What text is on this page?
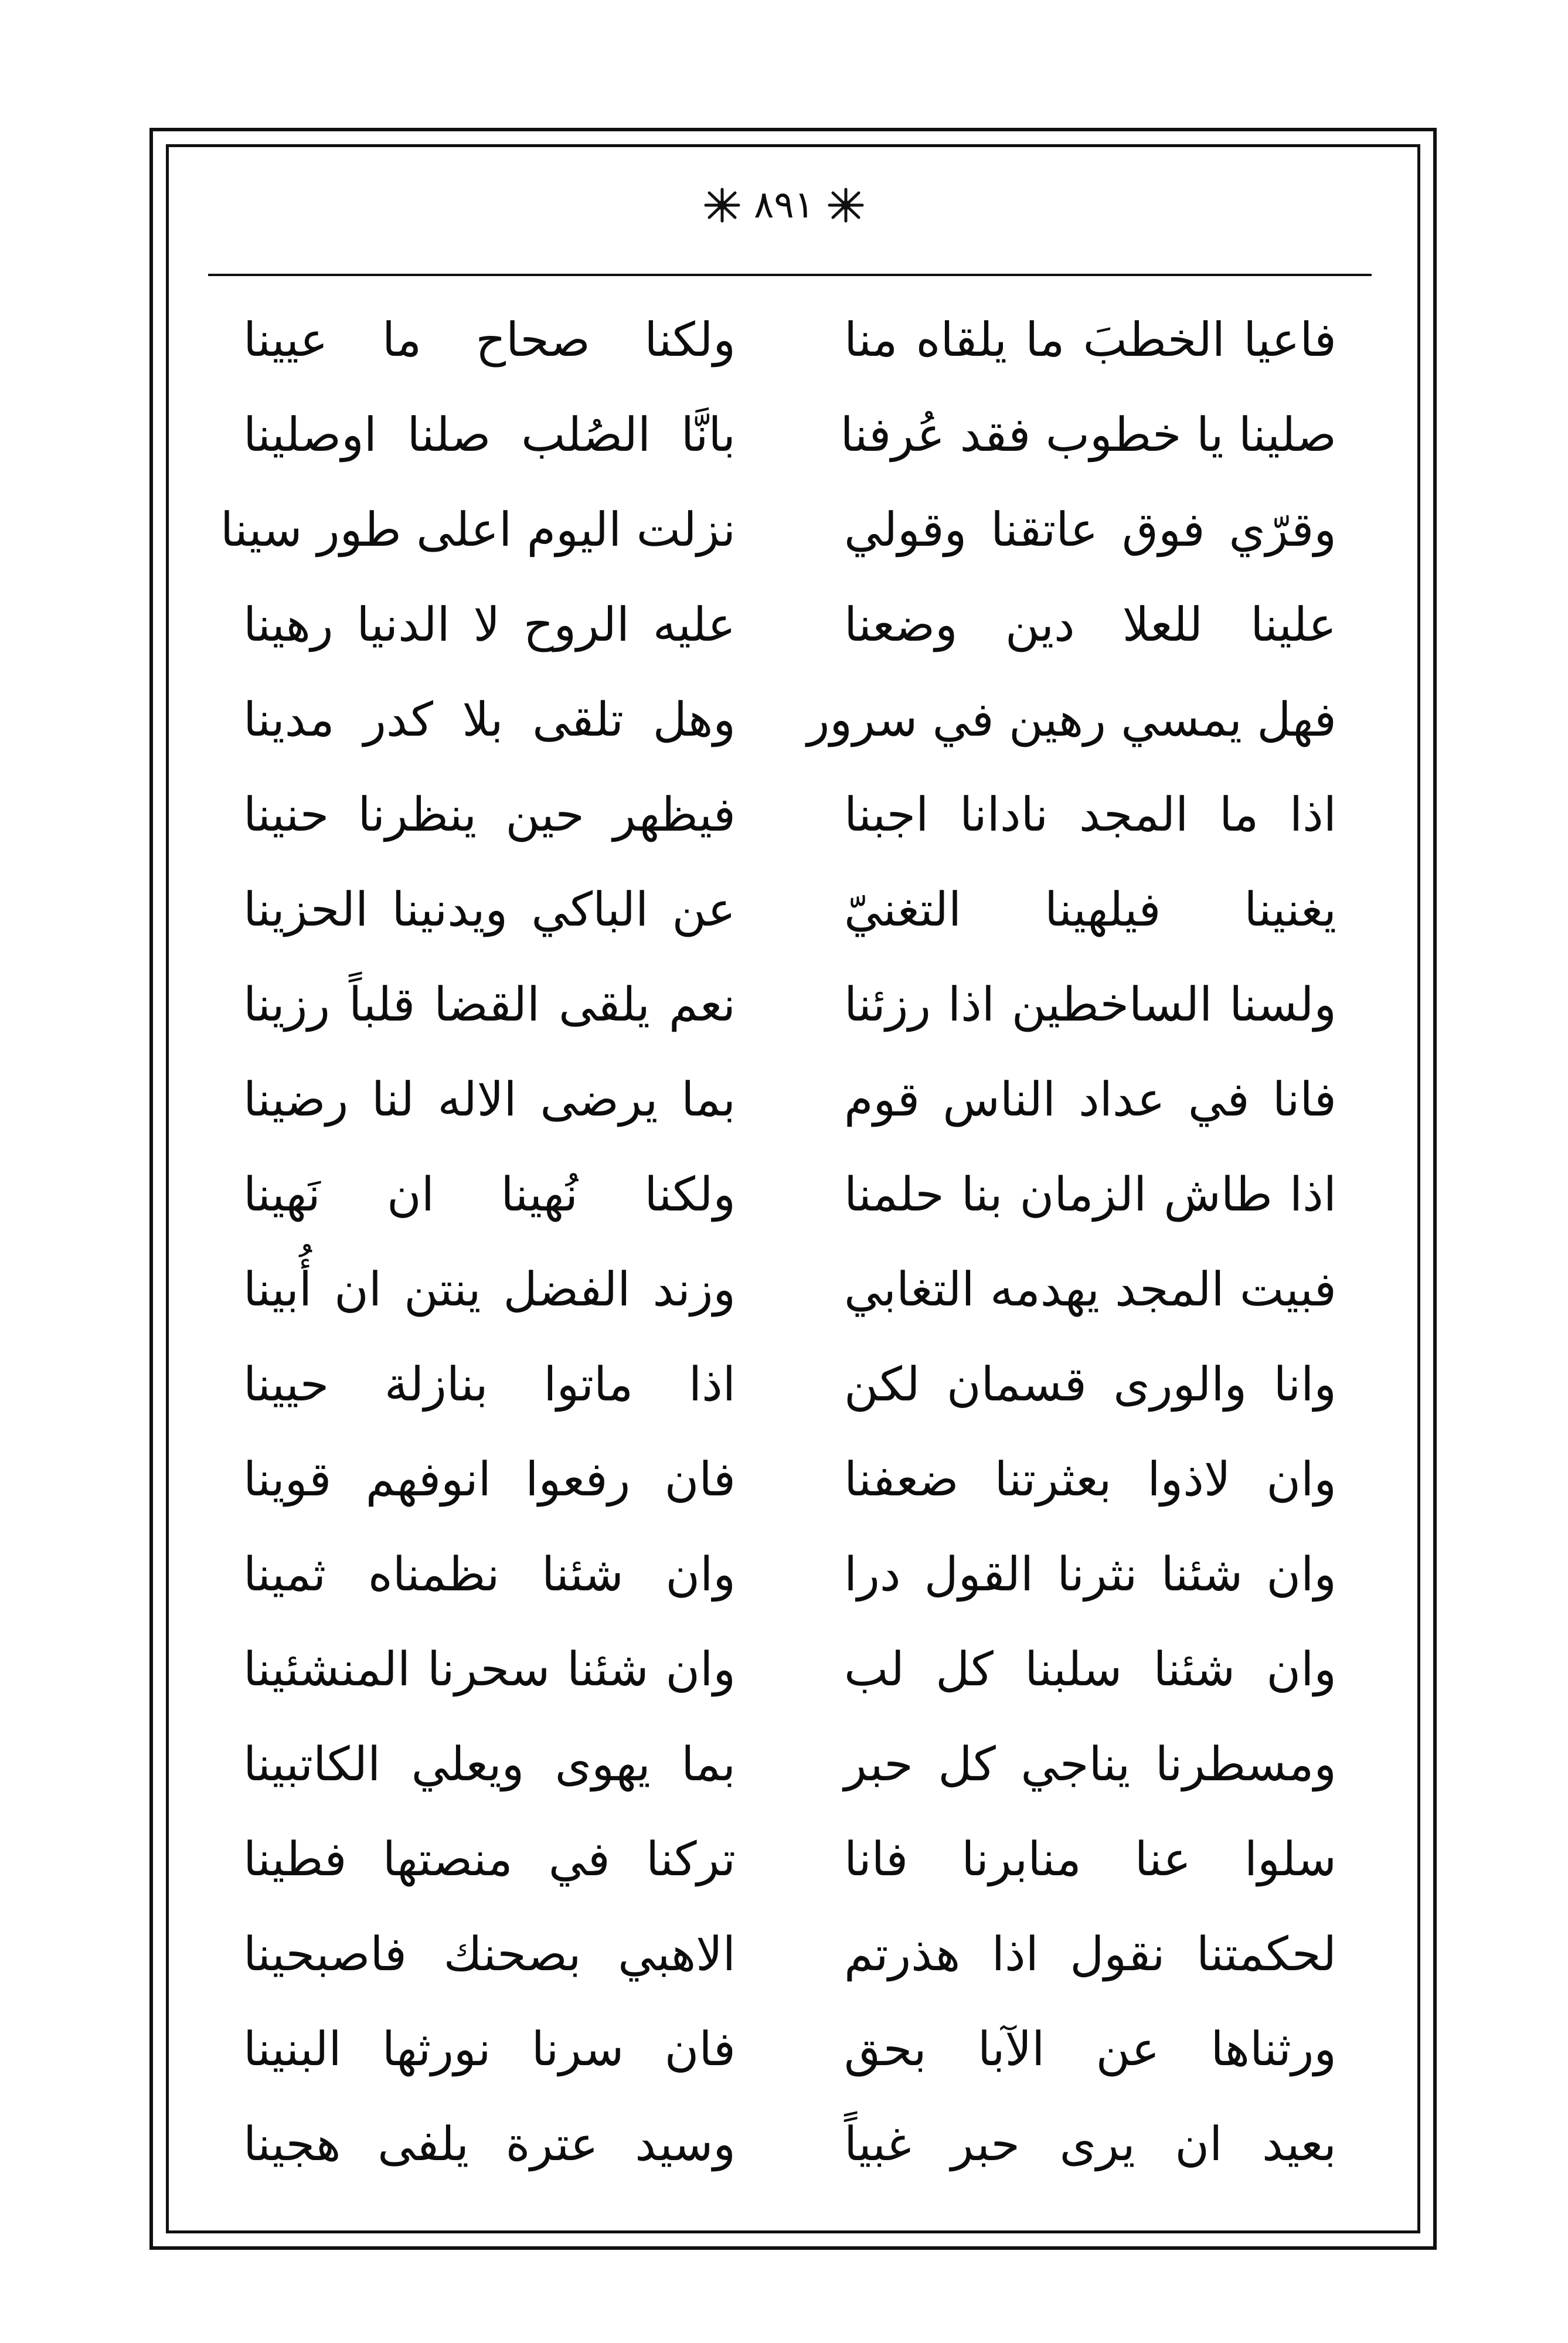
٨٩١
فاعيا الخطبَ ما يلقاه منا
ولكنا صحاح ما عيينا
صلينا يا خطوب فقد عُرفنا
بانَّا الصُلب صلنا اوصلينا
وقرّي فوق عاتقنا وقولي
نزلت اليوم اعلى طور سينا
علينا للعلا دين وضعنا
عليه الروح لا الدنيا رهينا
فهل يمسي رهين في سرور
وهل تلقى بلا كدر مدينا
اذا ما المجد نادانا اجبنا
فيظهر حين ينظرنا حنينا
يغنينا فيلهينا التغنيّ
عن الباكي ويدنينا الحزينا
ولسنا الساخطين اذا رزئنا
نعم يلقى القضا قلباً رزينا
فانا في عداد الناس قوم
بما يرضى الاله لنا رضينا
اذا طاش الزمان بنا حلمنا
ولكنا نُهينا ان نَهينا
فبيت المجد يهدمه التغابي
وزند الفضل ينتن ان أُبينا
وانا والورى قسمان لكن
اذا ماتوا بنازلة حيينا
وان لاذوا بعثرتنا ضعفنا
فان رفعوا انوفهم قوينا
وان شئنا نثرنا القول درا
وان شئنا نظمناه ثمينا
وان شئنا سلبنا كل لب
وان شئنا سحرنا المنشئينا
ومسطرنا يناجي كل حبر
بما يهوى ويعلي الكاتبينا
سلوا عنا منابرنا فانا
تركنا في منصتها فطينا
لحكمتنا نقول اذا هذرتم
الاهبي بصحنك فاصبحينا
ورثناها عن الآبا بحق
فان سرنا نورثها البنينا
بعيد ان يرى حبر غبياً
وسيد عترة يلفى هجينا
